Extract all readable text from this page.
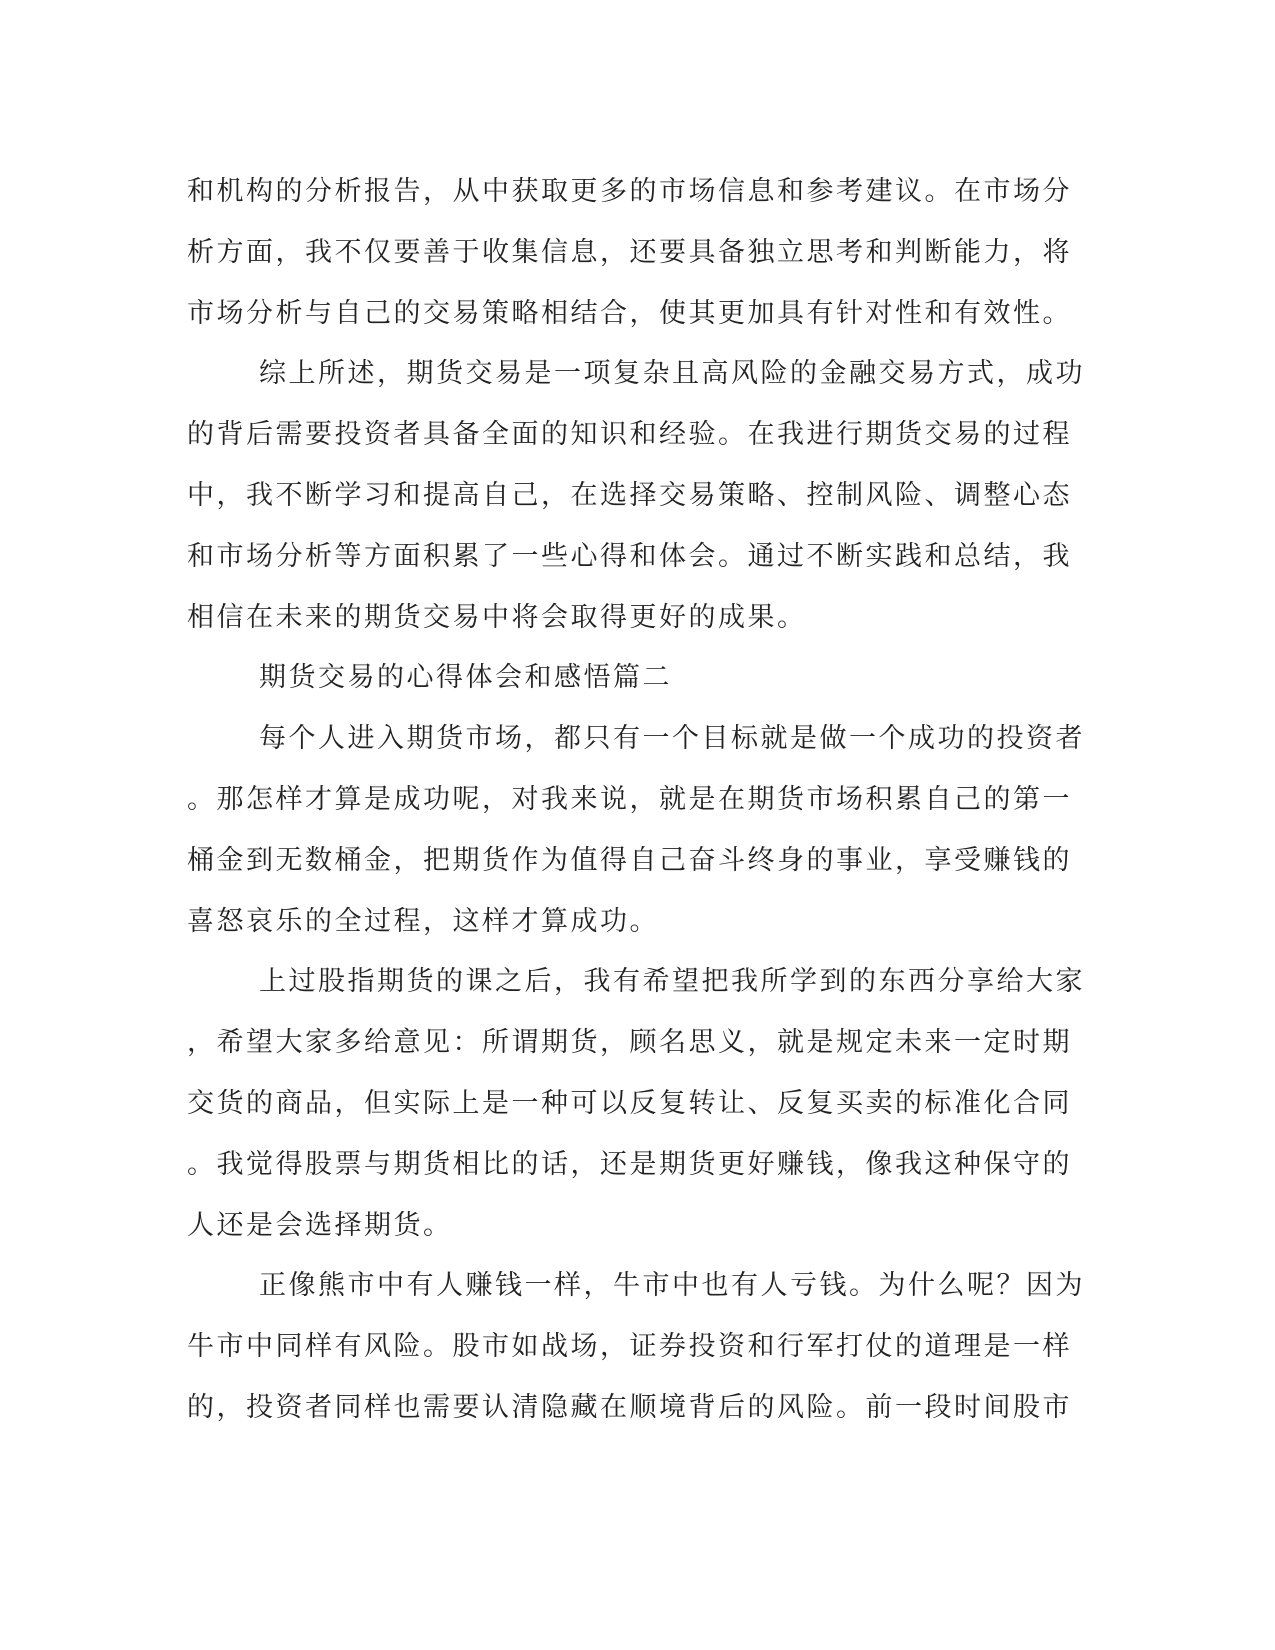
和机构的分析报告，从中获取更多的市场信息和参考建议。在市场分
析方面，我不仅要善于收集信息，还要具备独立思考和判断能力，将
市场分析与自己的交易策略相结合，使其更加具有针对性和有效性。
综上所述，期货交易是一项复杂且高风险的金融交易方式，成功
的背后需要投资者具备全面的知识和经验。在我进行期货交易的过程
中，我不断学习和提高自己，在选择交易策略、控制风险、调整心态
和市场分析等方面积累了一些心得和体会。通过不断实践和总结，我
相信在未来的期货交易中将会取得更好的成果。
期货交易的心得体会和感悟篇二
每个人进入期货市场，都只有一个目标就是做一个成功的投资者
。那怎样才算是成功呢，对我来说，就是在期货市场积累自己的第一
桶金到无数桶金，把期货作为值得自己奋斗终身的事业，享受赚钱的
喜怒哀乐的全过程，这样才算成功。
上过股指期货的课之后，我有希望把我所学到的东西分享给大家
，希望大家多给意见：所谓期货，顾名思义，就是规定未来一定时期
交货的商品，但实际上是一种可以反复转让、反复买卖的标准化合同
。我觉得股票与期货相比的话，还是期货更好赚钱，像我这种保守的
人还是会选择期货。
正像熊市中有人赚钱一样，牛市中也有人亏钱。为什么呢？因为
牛市中同样有风险。股市如战场，证券投资和行军打仗的道理是一样
的，投资者同样也需要认清隐藏在顺境背后的风险。前一段时间股市
